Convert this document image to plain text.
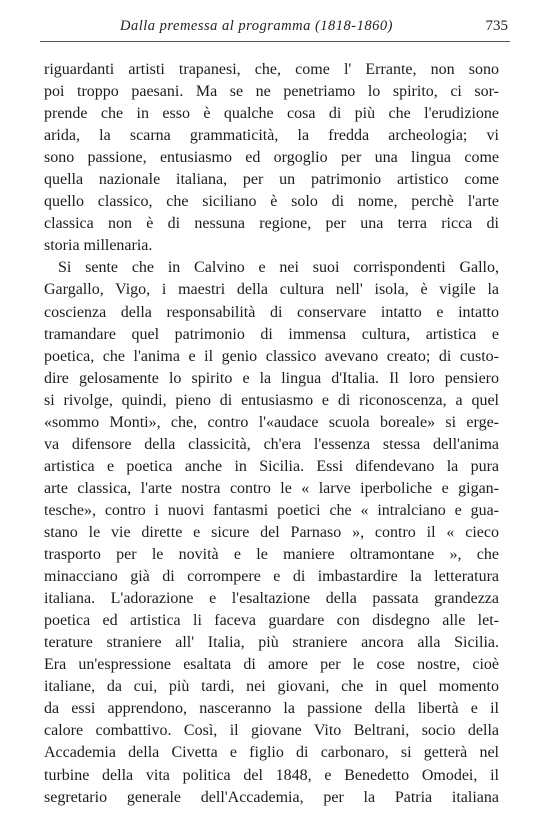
Dalla premessa al programma (1818-1860)	735
riguardanti artisti trapanesi, che, come l' Errante, non sono
poi troppo paesani. Ma se ne penetriamo lo spirito, ci sor-
prende che in esso è qualche cosa di più che l'erudizione
arida, la scarna grammaticità, la fredda archeologia; vi
sono passione, entusiasmo ed orgoglio per una lingua come
quella nazionale italiana, per un patrimonio artistico come
quello classico, che siciliano è solo di nome, perchè l'arte
classica non è di nessuna regione, per una terra ricca di
storia millenaria.
Si sente che in Calvino e nei suoi corrispondenti Gallo,
Gargallo, Vigo, i maestri della cultura nell' isola, è vigile la
coscienza della responsabilità di conservare intatto e intatto
tramandare quel patrimonio di immensa cultura, artistica e
poetica, che l'anima e il genio classico avevano creato; di custo-
dire gelosamente lo spirito e la lingua d'Italia. Il loro pensiero
si rivolge, quindi, pieno di entusiasmo e di riconoscenza, a quel
«sommo Monti», che, contro l'«audace scuola boreale» si erge-
va difensore della classicità, ch'era l'essenza stessa dell'anima
artistica e poetica anche in Sicilia. Essi difendevano la pura
arte classica, l'arte nostra contro le « larve iperboliche e gigan-
tesche», contro i nuovi fantasmi poetici che « intralciano e gua-
stano le vie dirette e sicure del Parnaso », contro il « cieco
trasporto per le novità e le maniere oltramontane », che
minacciano già di corrompere e di imbastardire la letteratura
italiana. L'adorazione e l'esaltazione della passata grandezza
poetica ed artistica li faceva guardare con disdegno alle let-
terature straniere all' Italia, più straniere ancora alla Sicilia.
Era un'espressione esaltata di amore per le cose nostre, cioè
italiane, da cui, più tardi, nei giovani, che in quel momento
da essi apprendono, nasceranno la passione della libertà e il
calore combattivo. Così, il giovane Vito Beltrani, socio della
Accademia della Civetta e figlio di carbonaro, si getterà nel
turbine della vita politica del 1848, e Benedetto Omodei, il
segretario generale dell'Accademia, per la Patria italiana
